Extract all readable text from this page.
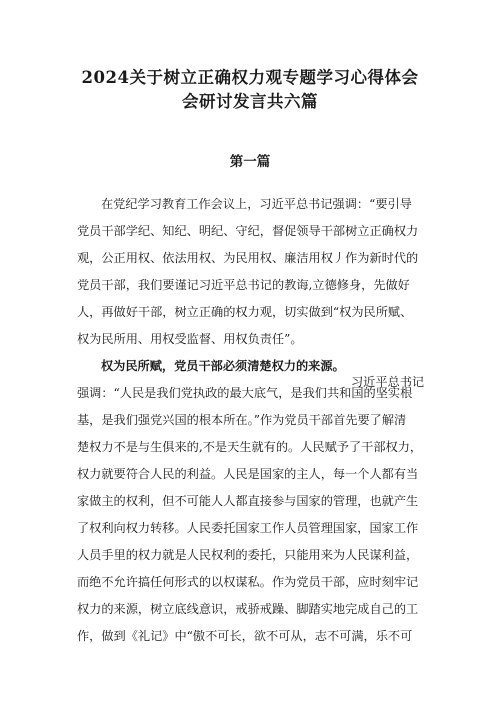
2024关于树立正确权力观专题学习心得体会
会研讨发言共六篇
第一篇

在党纪学习教育工作会议上，习近平总书记强调：“要引导

党员干部学纪、知纪、明纪、守纪，督促领导干部树立正确权力

观，公正用权、依法用权、为民用权、廉洁用权丿作为新时代的

党员干部，我们要谨记习近平总书记的教诲,立德修身，先做好

人，再做好干部，树立正确的权力观，切实做到“权为民所赋、

权为民所用、用权受监督、用权负责任”。

权为民所赋，党员干部必须清楚权力的来源。

习近平总书记

强调：“人民是我们党执政的最大底气，是我们共和国的坚实根

基，是我们强党兴国的根本所在。”作为党员干部首先要了解清

楚权力不是与生俱来的,不是天生就有的。人民赋予了干部权力，

权力就要符合人民的利益。人民是国家的主人，每一个人都有当

家做主的权利，但不可能人人都直接参与国家的管理，也就产生

了权利向权力转移。人民委托国家工作人员管理国家，国家工作

人员手里的权力就是人民权利的委托，只能用来为人民谋利益，

而绝不允许搞任何形式的以权谋私。作为党员干部，应时刻牢记

权力的来源，树立底线意识，戒骄戒躁、脚踏实地完成自己的工

作，做到《礼记》中“傲不可长，欲不可从，志不可满，乐不可
